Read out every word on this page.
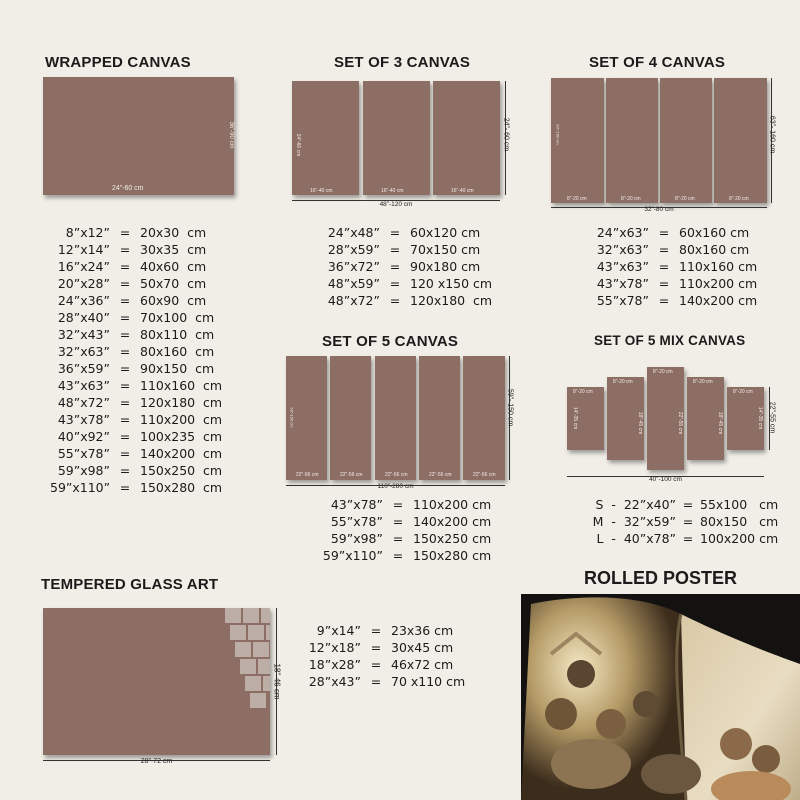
WRAPPED CANVAS
24”-60 cm
36”-90 cm
8”x12” = 20x30  cm
12”x14” = 30x35  cm
16”x24” = 40x60  cm
20”x28” = 50x70  cm
24”x36” = 60x90  cm
28”x40” = 70x100  cm
32”x43” = 80x110  cm
32”x63” = 80x160  cm
36”x59” = 90x150  cm
43”x63” = 110x160  cm
48”x72” = 120x180  cm
43”x78” = 110x200  cm
40”x92” = 100x235  cm
55”x78” = 140x200  cm
59”x98” = 150x250  cm
59”x110” = 150x280  cm
SET OF 3 CANVAS
16”-40 cm	16”-40 cm	16”-40 cm
24”-60 cm
48”-120 cm
24”- 60 cm
24”x48” = 60x120 cm
28”x59” = 70x150 cm
36”x72” = 90x180 cm
48”x59” = 120 x150 cm
48”x72” = 120x180  cm
SET OF 4 CANVAS
8”-20 cm	8”-20 cm	8”-20 cm	8”-20 cm
63”-160 cm
32”-80 cm
63”- 160 cm
24”x63” = 60x160 cm
32”x63” = 80x160 cm
43”x63” = 110x160 cm
43”x78” = 110x200 cm
55”x78” = 140x200 cm
SET OF 5 CANVAS
22”-56 cm	22”-56 cm	22”-56 cm	22”-56 cm	22”-56 cm
59”-150 cm
110”-280 cm
59”- 150 cm
43”x78” = 110x200 cm
55”x78” = 140x200 cm
59”x98” = 150x250 cm
59”x110” = 150x280 cm
SET OF 5 MIX CANVAS
8”-20 cm
8”-20 cm
8”-20 cm
8”-20 cm
8”-20 cm
14”-35 cm	18”-45 cm	22”-55 cm	18”-45 cm	14”-35 cm
40”-100 cm
22”-55 cm
S  -  22”x40” = 55x100   cm
M  -  32”x59” = 80x150   cm
L  -  40”x78” = 100x200 cm
TEMPERED GLASS ART
28”-72 cm
18”-46 cm
9”x14” = 23x36 cm
12”x18” = 30x45 cm
18”x28” = 46x72 cm
28”x43” = 70 x110 cm
ROLLED POSTER
